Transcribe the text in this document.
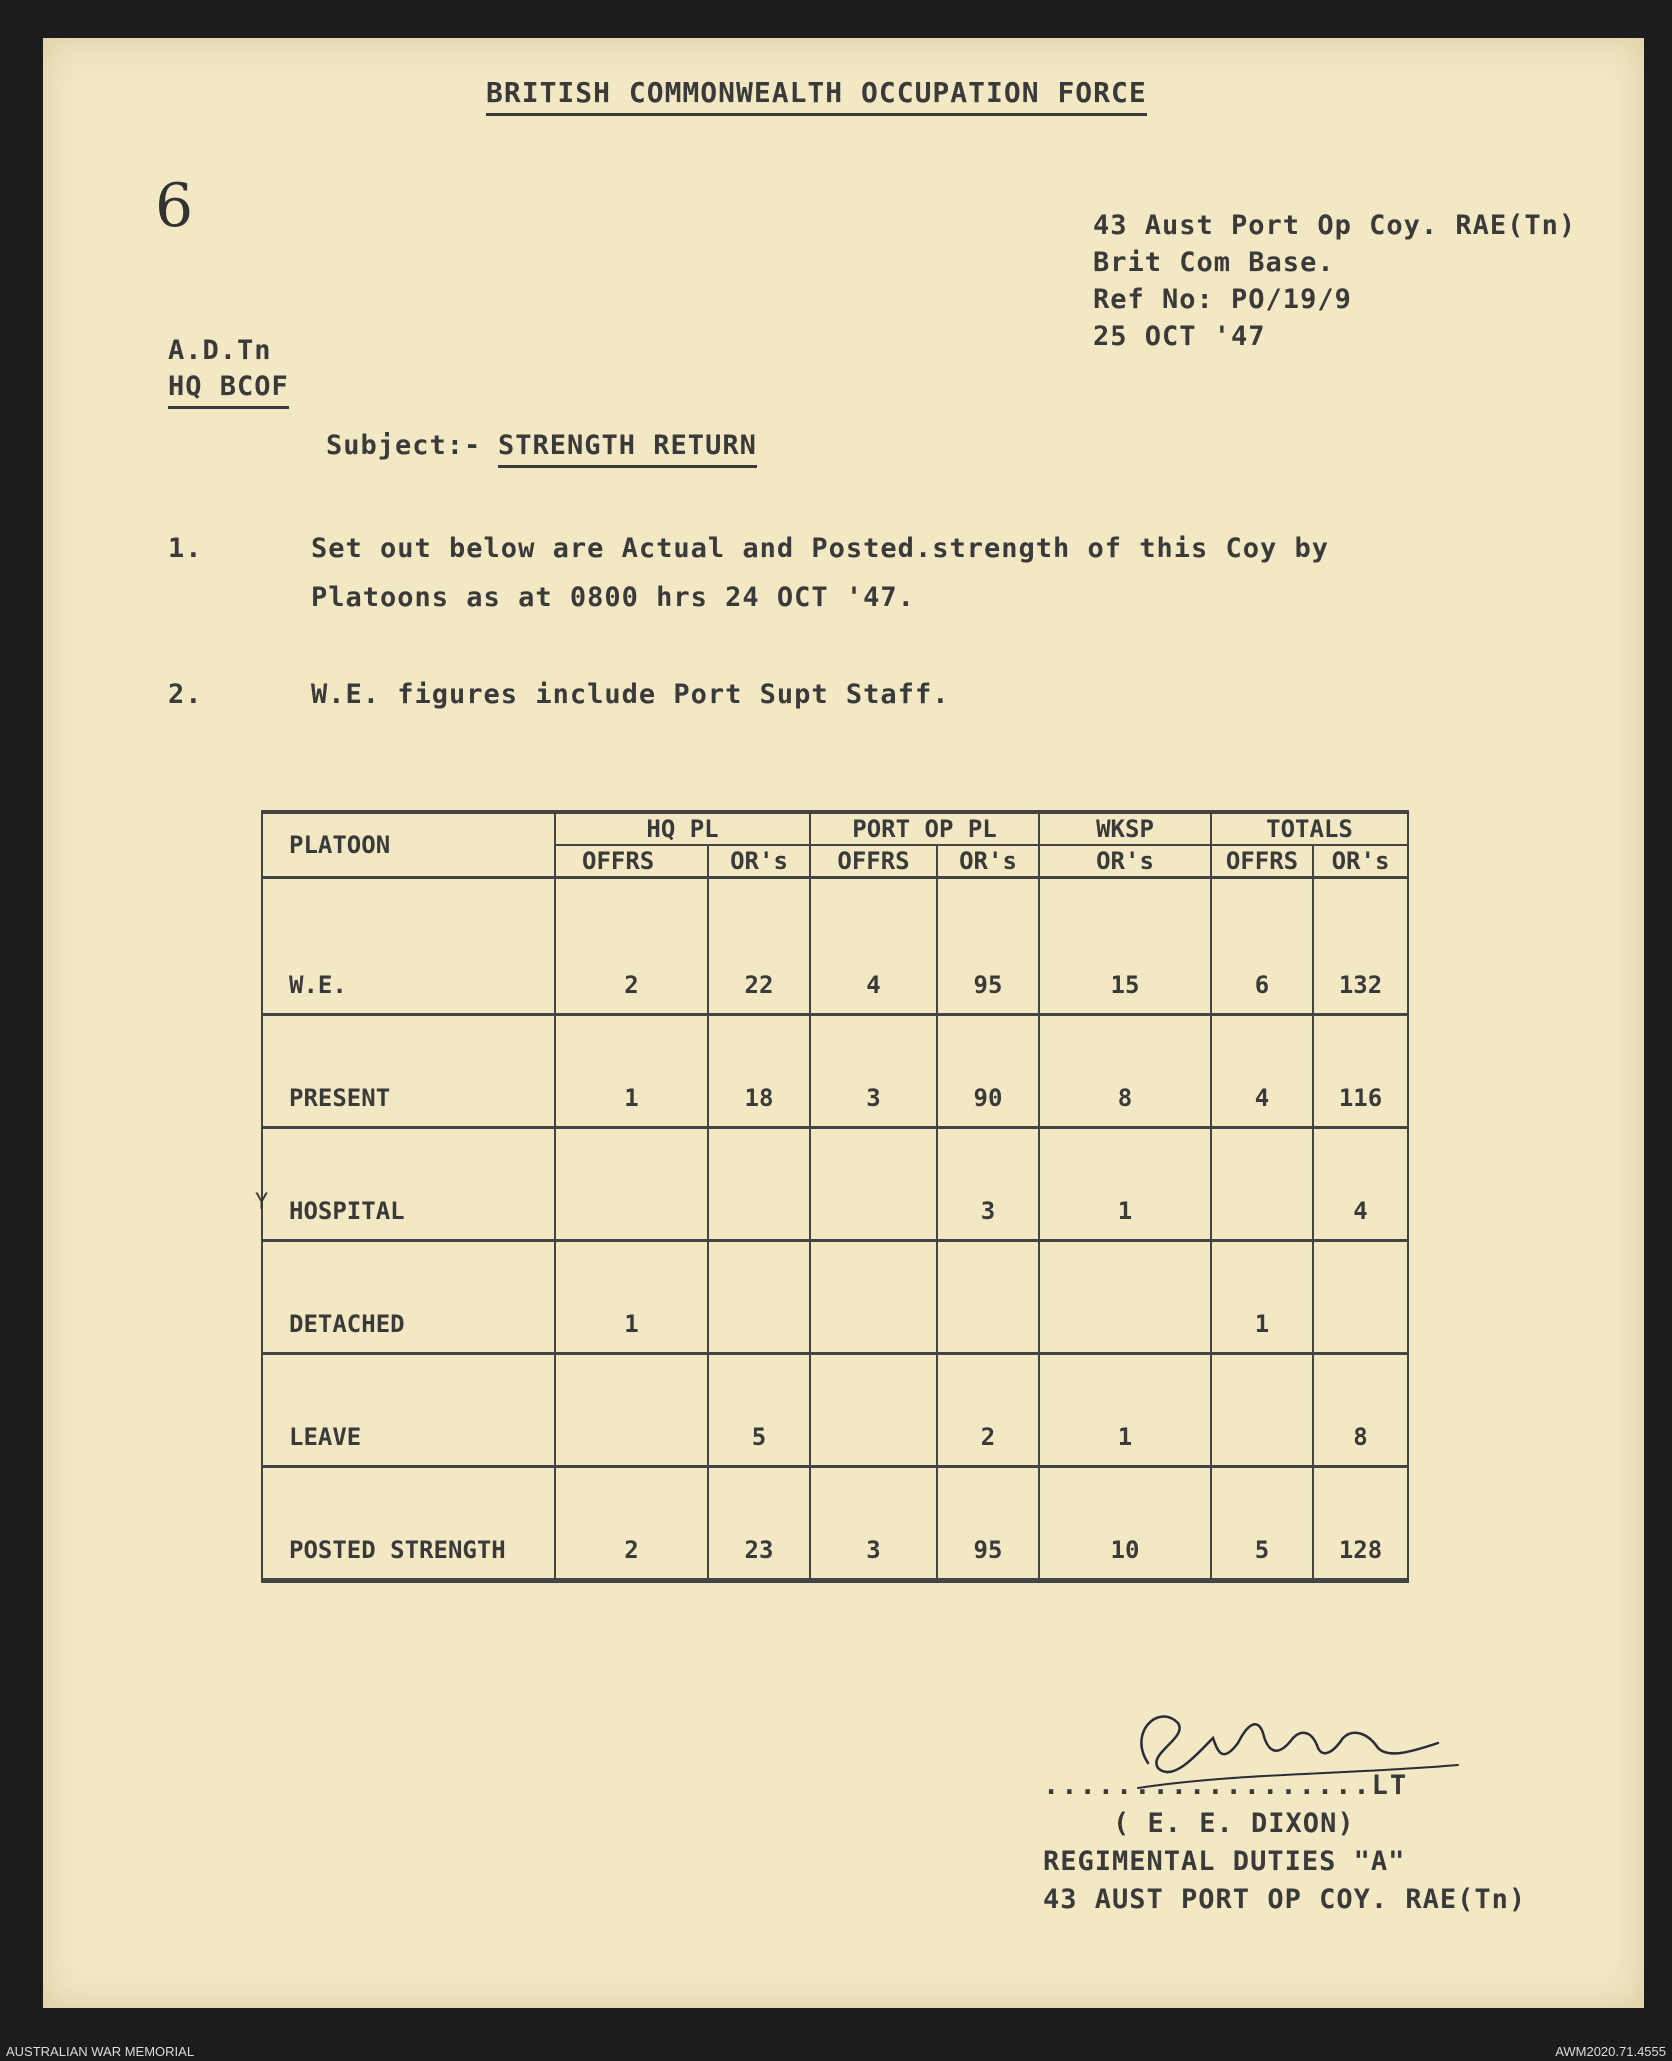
6
BRITISH COMMONWEALTH OCCUPATION FORCE
43 Aust Port Op Coy. RAE(Tn)
Brit Com Base.
Ref No: PO/19/9
25 OCT '47
A.D.Tn
HQ BCOF
Subject:- STRENGTH RETURN
1.	Set out below are Actual and Posted.strength of this Coy by
Platoons as at 0800 hrs 24 OCT '47.
2.	W.E. figures include Port Supt Staff.
PLATOON	HQ PL		PORT OP PL		WKSP	TOTALS	
	OFFRS	OR's	OFFRS	OR's	OR's	OFFRS	OR's
W.E.	2	22	4	95	15	6	132
PRESENT	1	18	3	90	8	4	116
HOSPITAL				3	1		4
DETACHED	1					1	
LEAVE		5		2	1		8
POSTED STRENGTH	2	23	3	95	10	5	128
Y
..................LT
( E. E. DIXON)
REGIMENTAL DUTIES "A"
43 AUST PORT OP COY. RAE(Tn)
AUSTRALIAN WAR MEMORIAL	AWM2020.71.4555
